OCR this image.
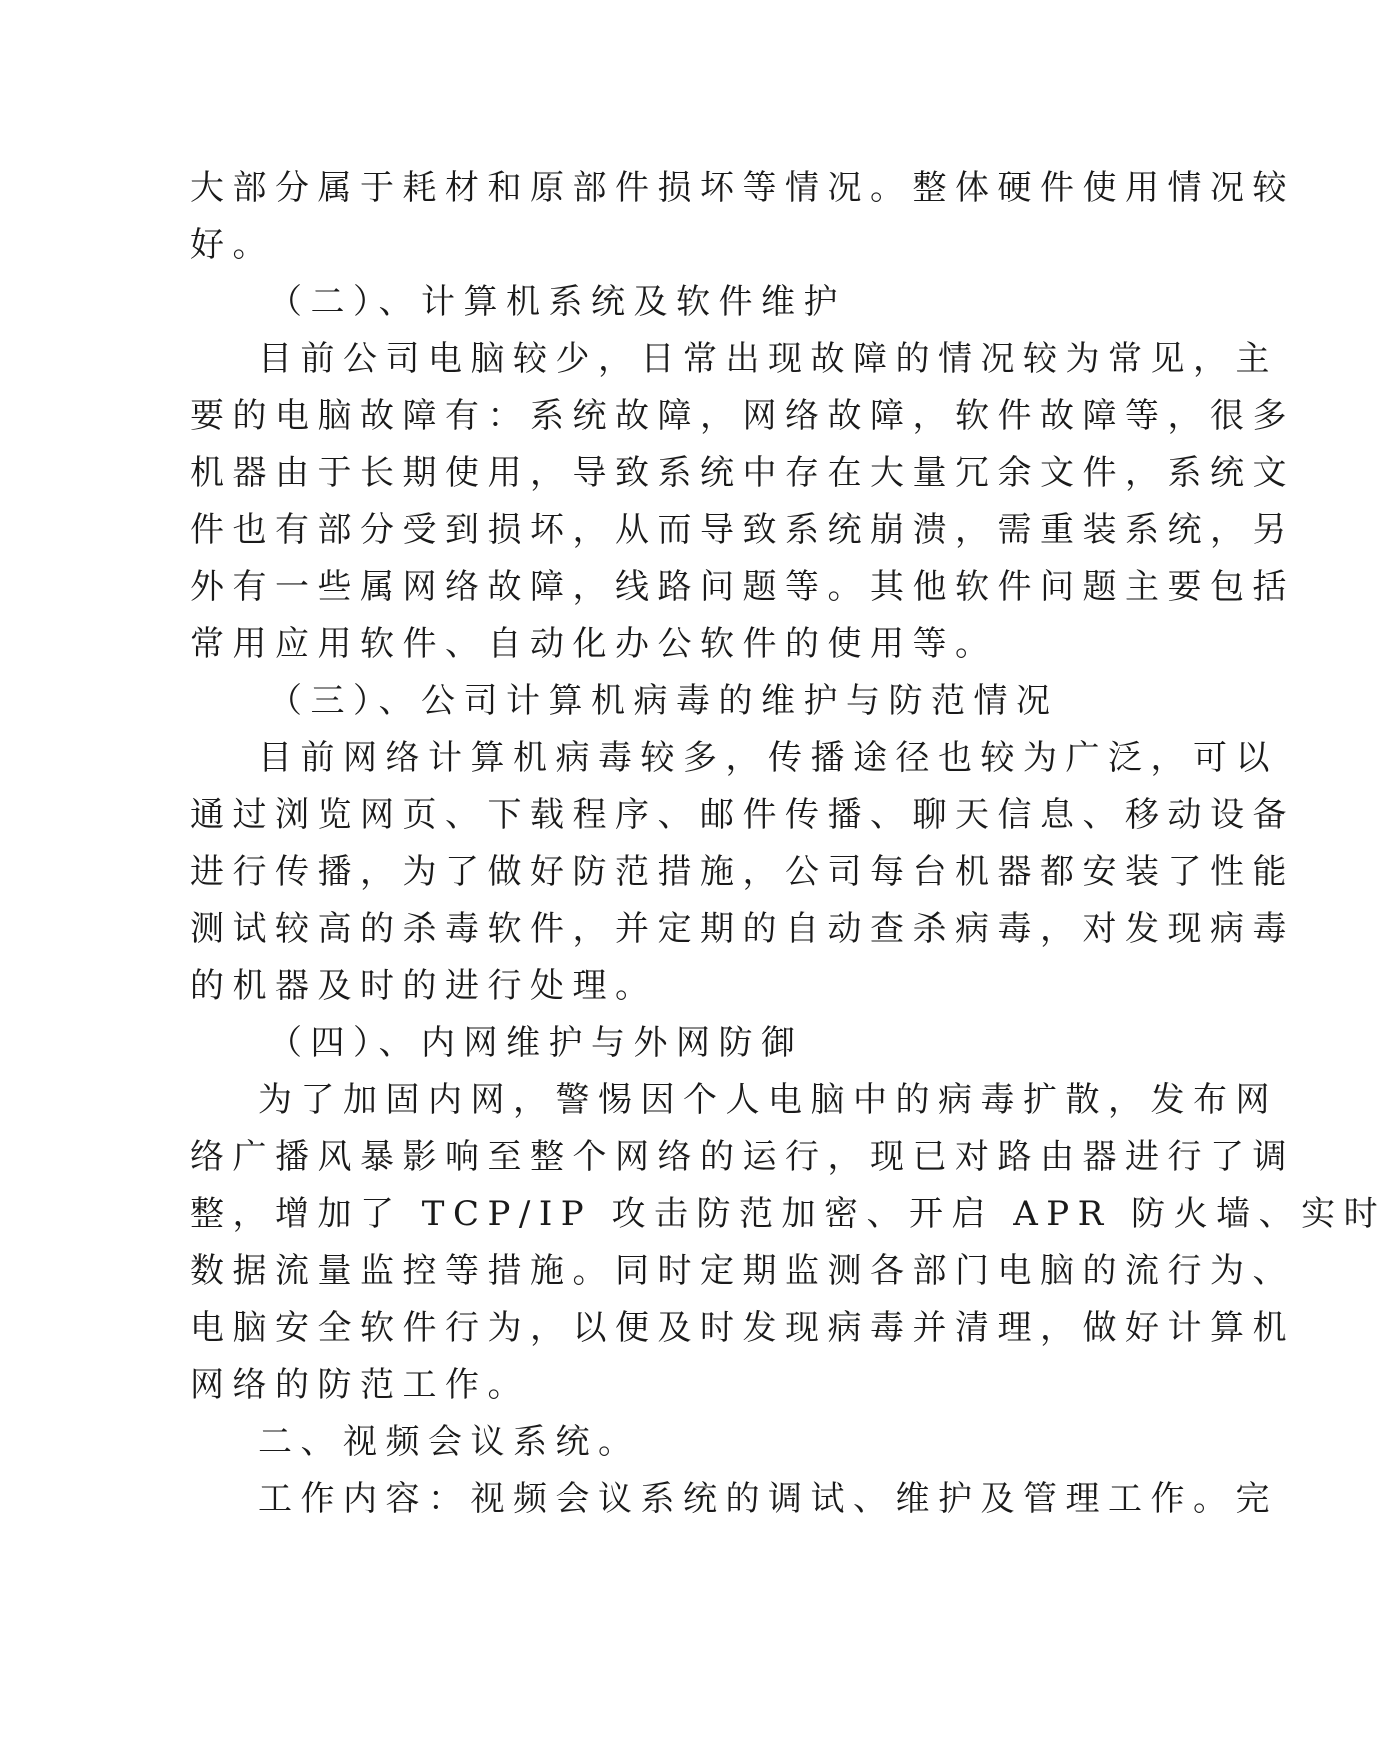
大部分属于耗材和原部件损坏等情况。整体硬件使用情况较
好。
（二）、计算机系统及软件维护
目前公司电脑较少，日常出现故障的情况较为常见，主
要的电脑故障有：系统故障，网络故障，软件故障等，很多
机器由于长期使用，导致系统中存在大量冗余文件，系统文
件也有部分受到损坏，从而导致系统崩溃，需重装系统，另
外有一些属网络故障，线路问题等。其他软件问题主要包括
常用应用软件、自动化办公软件的使用等。
（三）、公司计算机病毒的维护与防范情况
目前网络计算机病毒较多，传播途径也较为广泛，可以
通过浏览网页、下载程序、邮件传播、聊天信息、移动设备
进行传播，为了做好防范措施，公司每台机器都安装了性能
测试较高的杀毒软件，并定期的自动查杀病毒，对发现病毒
的机器及时的进行处理。
（四）、内网维护与外网防御
为了加固内网，警惕因个人电脑中的病毒扩散，发布网
络广播风暴影响至整个网络的运行，现已对路由器进行了调
整，增加了 TCP/IP 攻击防范加密、开启 APR 防火墙、实时
数据流量监控等措施。同时定期监测各部门电脑的流行为、
电脑安全软件行为，以便及时发现病毒并清理，做好计算机
网络的防范工作。
二、视频会议系统。
工作内容：视频会议系统的调试、维护及管理工作。完
